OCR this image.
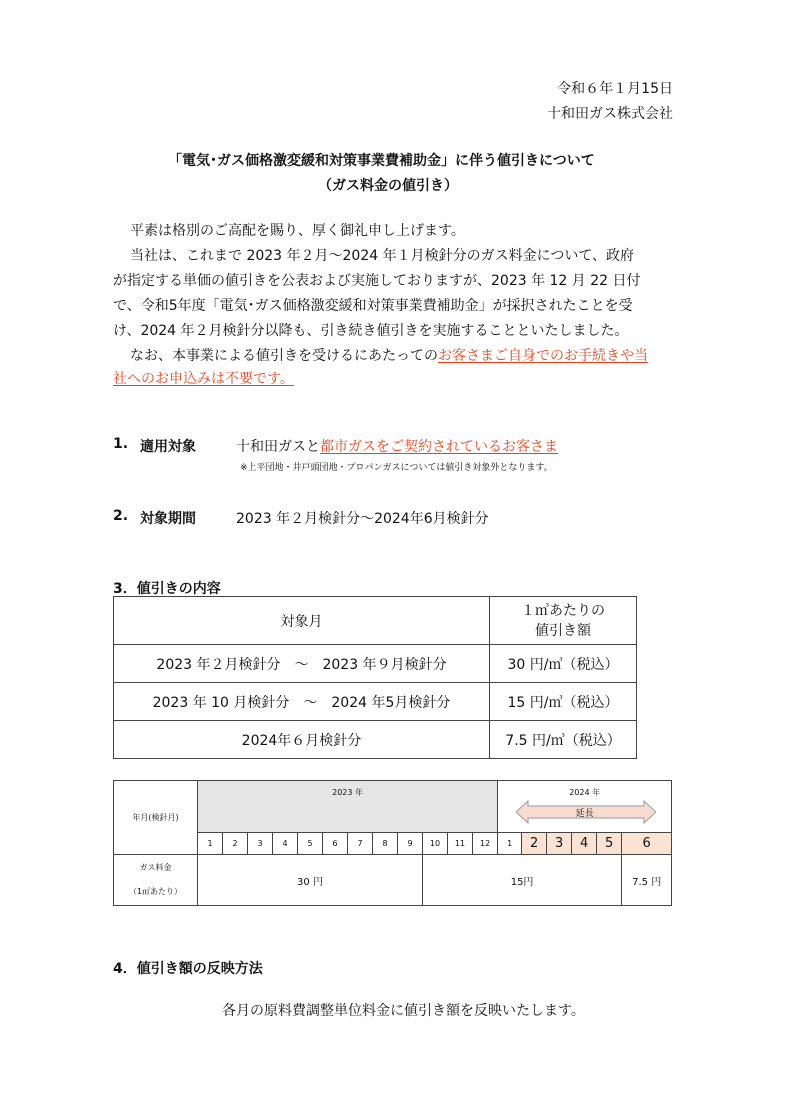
令和６年１月15日
十和田ガス株式会社
「電気･ガス価格激変緩和対策事業費補助金」に伴う値引きについて
（ガス料金の値引き）
平素は格別のご高配を賜り、厚く御礼申し上げます。
当社は、これまで 2023 年２月～2024 年１月検針分のガス料金について、政府
が指定する単価の値引きを公表および実施しておりますが、2023 年 12 月 22 日付
で、令和5年度「電気･ガス価格激変緩和対策事業費補助金」が採択されたことを受
け、2024 年２月検針分以降も、引き続き値引きを実施することといたしました。
なお、本事業による値引きを受けるにあたってのお客さまご自身でのお手続きや当
社へのお申込みは不要です。
1. 適用対象	十和田ガスと都市ガスをご契約されているお客さま
※上平団地・井戸頭団地・プロパンガスについては値引き対象外となります。
2. 対象期間	2023 年２月検針分～2024年6月検針分
3．値引きの内容
対象月	１㎥あたりの
値引き額

2023 年２月検針分　～　2023 年９月検針分	30 円/㎥（税込）
2023 年 10 月検針分　～　2024 年5月検針分	15 円/㎥（税込）
2024年６月検針分	7.5 円/㎥（税込）
年月(検針月)	2023 年												2024 年
延長					

	1	2	3	4	5	6	7	8	9	10	11	12	1	2	3	4	5	6

ガス料金
（1㎥あたり）	30 円									15円								7.5 円
4．値引き額の反映方法
各月の原料費調整単位料金に値引き額を反映いたします。
